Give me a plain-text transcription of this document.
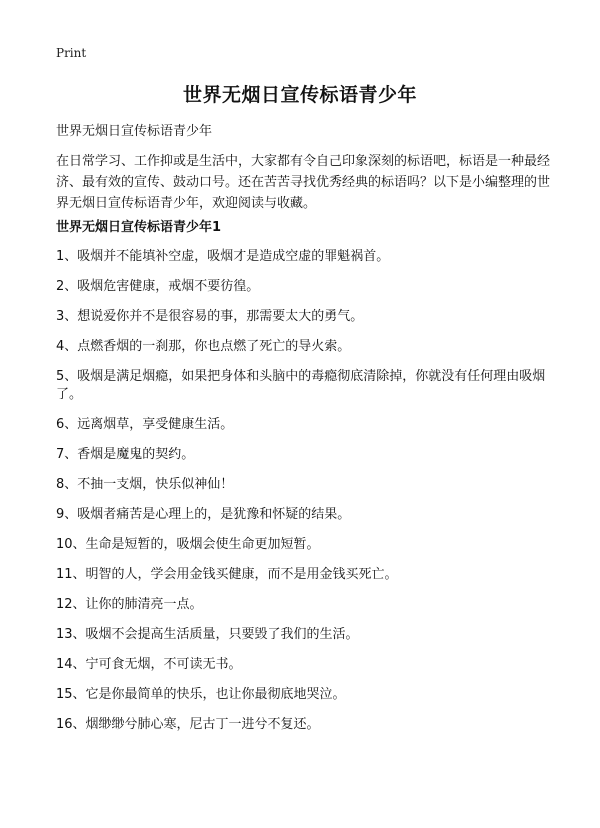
Print
世界无烟日宣传标语青少年
世界无烟日宣传标语青少年
在日常学习、工作抑或是生活中，大家都有令自己印象深刻的标语吧，标语是一种最经济、最有效的宣传、鼓动口号。还在苦苦寻找优秀经典的标语吗？以下是小编整理的世界无烟日宣传标语青少年，欢迎阅读与收藏。
世界无烟日宣传标语青少年1
1、吸烟并不能填补空虚，吸烟才是造成空虚的罪魁祸首。
2、吸烟危害健康，戒烟不要彷徨。
3、想说爱你并不是很容易的事，那需要太大的勇气。
4、点燃香烟的一刹那，你也点燃了死亡的导火索。
5、吸烟是满足烟瘾，如果把身体和头脑中的毒瘾彻底清除掉，你就没有任何理由吸烟了。
6、远离烟草，享受健康生活。
7、香烟是魔鬼的契约。
8、不抽一支烟，快乐似神仙！
9、吸烟者痛苦是心理上的，是犹豫和怀疑的结果。
10、生命是短暂的，吸烟会使生命更加短暂。
11、明智的人，学会用金钱买健康，而不是用金钱买死亡。
12、让你的肺清亮一点。
13、吸烟不会提高生活质量，只要毁了我们的生活。
14、宁可食无烟，不可读无书。
15、它是你最简单的快乐，也让你最彻底地哭泣。
16、烟缈缈兮肺心寒，尼古丁一进兮不复还。
